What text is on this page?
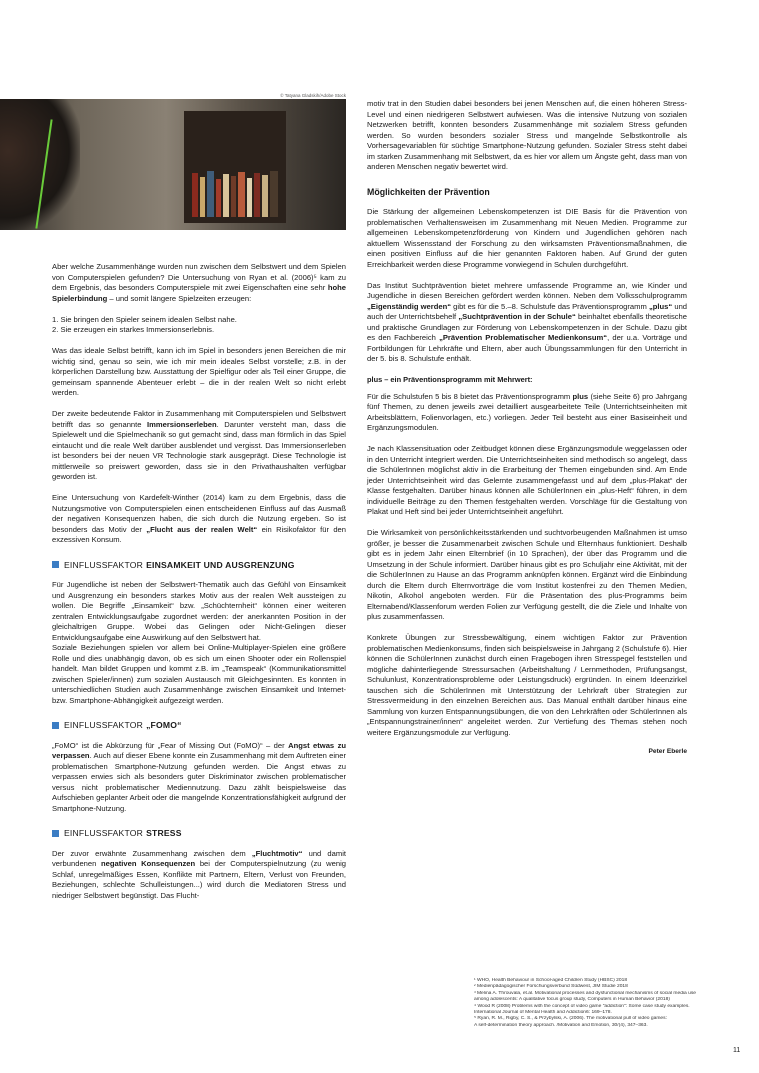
© Tatyana Gladskih/Adobe Stock

Aber welche Zusammenhänge wurden nun zwischen dem Selbstwert und dem Spielen von Computerspielen gefunden? Die Untersuchung von Ryan et al. (2006)⁵ kam zu dem Ergebnis, das besonders Computerspiele mit zwei Eigenschaften eine sehr hohe Spielerbindung – und somit längere Spielzeiten erzeugen:

1. Sie bringen den Spieler seinem idealen Selbst nahe.

2. Sie erzeugen ein starkes Immersionserlebnis.

Was das ideale Selbst betrifft, kann ich im Spiel in besonders jenen Bereichen die mir wichtig sind, genau so sein, wie ich mir mein ideales Selbst vorstelle; z.B. in der körperlichen Darstellung bzw. Ausstattung der Spielfigur oder als Teil einer Gruppe, die gemeinsam spannende Abenteuer erlebt – die in der realen Welt so nicht erlebt werden.

Der zweite bedeutende Faktor in Zusammenhang mit Computerspielen und Selbstwert betrifft das so genannte Immersionserleben. Darunter versteht man, dass die Spielewelt und die Spielmechanik so gut gemacht sind, dass man förmlich in das Spiel eintaucht und die reale Welt darüber ausblendet und vergisst. Das Immersionserleben ist besonders bei der neuen VR Technologie stark ausgeprägt. Diese Technologie ist mittlerweile so preiswert geworden, dass sie in den Privathaushalten verfügbar geworden ist.

Eine Untersuchung von Kardefelt-Winther (2014) kam zu dem Ergebnis, dass die Nutzungsmotive von Computerspielen einen entscheidenen Einfluss auf das Ausmaß der negativen Konsequenzen haben, die sich durch die Nutzung ergeben. So ist besonders das Motiv der „Flucht aus der realen Welt“ ein Risikofaktor für den exzessiven Konsum.

EINFLUSSFAKTOR EINSAMKEIT UND AUSGRENZUNG

Für Jugendliche ist neben der Selbstwert-Thematik auch das Gefühl von Einsamkeit und Ausgrenzung ein besonders starkes Motiv aus der realen Welt aussteigen zu wollen. Die Begriffe „Einsamkeit“ bzw. „Schüchternheit“ können einer weiteren zentralen Entwicklungsaufgabe zugordnet werden: der anerkannten Position in der gleichaltrigen Gruppe. Wobei das Gelingen oder Nicht-Gelingen dieser Entwicklungsaufgabe eine Auswirkung auf den Selbstwert hat.

Soziale Beziehungen spielen vor allem bei Online-Multiplayer-Spielen eine größere Rolle und dies unabhängig davon, ob es sich um einen Shooter oder ein Rollenspiel handelt. Man bildet Gruppen und kommt z.B. im „Teamspeak“ (Kommunikationsmittel zwischen Spieler/innen) zum sozialen Austausch mit Gleichgesinnten. Es konnten in unterschiedlichen Studien auch Zusammenhänge zwischen Einsamkeit und Internet- bzw. Smartphone-Abhängigkeit aufgezeigt werden.

EINFLUSSFAKTOR „FOMO“

„FoMO“ ist die Abkürzung für „Fear of Missing Out (FoMO)“ – der Angst etwas zu verpassen. Auch auf dieser Ebene konnte ein Zusammenhang mit dem Auftreten einer problematischen Smartphone-Nutzung gefunden werden. Die Angst etwas zu verpassen erwies sich als besonders guter Diskriminator zwischen problematischer versus nicht problematischer Mediennutzung. Dazu zählt beispielsweise das Aufschieben geplanter Arbeit oder die mangelnde Konzentrationsfähigkeit aufgrund der Smartphone-Nutzung.

EINFLUSSFAKTOR STRESS

Der zuvor erwähnte Zusammenhang zwischen dem „Fluchtmotiv“ und damit verbundenen negativen Konsequenzen bei der Computerspielnutzung (zu wenig Schlaf, unregelmäßiges Essen, Konflikte mit Partnern, Eltern, Verlust von Freunden, Beziehungen, schlechte Schulleistungen...) wird durch die Mediatoren Stress und niedriger Selbstwert begünstigt. Das Flucht-

motiv trat in den Studien dabei besonders bei jenen Menschen auf, die einen höheren Stress-Level und einen niedrigeren Selbstwert aufwiesen. Was die intensive Nutzung von sozialen Netzwerken betrifft, konnten besonders Zusammenhänge mit sozialem Stress gefunden werden. So wurden besonders sozialer Stress und mangelnde Selbstkontrolle als Vorhersagevariablen für süchtige Smartphone-Nutzung gefunden. Sozialer Stress steht dabei im starken Zusammenhang mit Selbstwert, da es hier vor allem um Ängste geht, dass man von anderen Menschen negativ bewertet wird.

Möglichkeiten der Prävention

Die Stärkung der allgemeinen Lebenskompetenzen ist DIE Basis für die Prävention von problematischen Verhaltensweisen im Zusammenhang mit Neuen Medien. Programme zur allgemeinen Lebenskompetenzförderung von Kindern und Jugendlichen gehören nach aktuellem Wissensstand der Forschung zu den wirksamsten Präventionsmaßnahmen, die einen positiven Einfluss auf die hier genannten Faktoren haben. Auf Grund der guten Erreichbarkeit werden diese Programme vorwiegend in Schulen durchgeführt.

Das Institut Suchtprävention bietet mehrere umfassende Programme an, wie Kinder und Jugendliche in diesen Bereichen gefördert werden können. Neben dem Volksschulprogramm „Eigenständig werden“ gibt es für die 5.–8. Schulstufe das Präventionsprogramm „plus“ und auch der Unterrichtsbehelf „Suchtprävention in der Schule“ beinhaltet ebenfalls theoretische und praktische Grundlagen zur Förderung von Lebenskompetenzen in der Schule. Dazu gibt es den Fachbereich „Prävention Problematischer Medienkonsum“, der u.a. Vorträge und Fortbildungen für Lehrkräfte und Eltern, aber auch Übungssammlungen für den Unterricht in der 5. bis 8. Schulstufe enthält.

plus – ein Präventionsprogramm mit Mehrwert:

Für die Schulstufen 5 bis 8 bietet das Präventionsprogramm plus (siehe Seite 6) pro Jahrgang fünf Themen, zu denen jeweils zwei detailliert ausgearbeitete Teile (Unterrichtseinheiten mit Arbeitsblättern, Folienvorlagen, etc.) vorliegen. Jeder Teil besteht aus einer Basiseinheit und Ergänzungsmodulen.

Je nach Klassensituation oder Zeitbudget können diese Ergänzungsmodule weggelassen oder in den Unterricht integriert werden. Die Unterrichtseinheiten sind methodisch so angelegt, dass die SchülerInnen möglichst aktiv in die Erarbeitung der Themen eingebunden sind. Am Ende jeder Unterrichtseinheit wird das Gelernte zusammengefasst und auf dem „plus-Plakat“ der Klasse festgehalten. Darüber hinaus können alle SchülerInnen ein „plus-Heft“ führen, in dem individuelle Beiträge zu den Themen festgehalten werden. Vorschläge für die Gestaltung von Plakat und Heft sind bei jeder Unterrichtseinheit angeführt.

Die Wirksamkeit von persönlichkeitsstärkenden und suchtvorbeugenden Maßnahmen ist umso größer, je besser die Zusammenarbeit zwischen Schule und Elternhaus funktioniert. Deshalb gibt es in jedem Jahr einen Elternbrief (in 10 Sprachen), der über das Programm und die Umsetzung in der Schule informiert. Darüber hinaus gibt es pro Schuljahr eine Aktivität, mit der die SchülerInnen zu Hause an das Programm anknüpfen können. Ergänzt wird die Einbindung durch die Eltern durch Elternvorträge die vom Institut kostenfrei zu den Themen Medien, Nikotin, Alkohol angeboten werden. Für die Präsentation des plus-Programms beim Elternabend/Klassenforum werden Folien zur Verfügung gestellt, die die Ziele und Inhalte von plus zusammenfassen.

Konkrete Übungen zur Stressbewältigung, einem wichtigen Faktor zur Prävention problematischen Medienkonsums, finden sich beispielsweise in Jahrgang 2 (Schulstufe 6). Hier können die SchülerInnen zunächst durch einen Fragebogen ihren Stresspegel feststellen und mögliche dahinterliegende Stressursachen (Arbeitshaltung / Lernmethoden, Prüfungsangst, Schulunlust, Konzentrationsprobleme oder Leistungsdruck) ergründen. In einem Ideenzirkel tauschen sich die SchülerInnen mit Unterstützung der Lehrkraft über Strategien zur Stressvermeidung in den einzelnen Bereichen aus. Das Manual enthält darüber hinaus eine Sammlung von kurzen Entspannungsübungen, die von den Lehrkräften oder SchülerInnen als „Entspannungstrainer/innen“ angeleitet werden. Zur Vertiefung des Themas stehen noch weitere Ergänzungsmodule zur Verfügung.

Peter Eberle
¹ WHO, Health Behaviour in School-aged Children Study (HBSC) 2018
² Medienpädagogischer Forschungsverbund Südwest, JIM Studie 2018
³ Melina A. Throuvala, et.al. Motivational processes and dysfunctional mechanisms of social media use
among adolescents: A qualitative focus group study, Computers in Human Behavior (2018)
⁴ Wood R (2008) Problems with the concept of video game "addiction": Some case study examples.
International Journal of Mental Health and Addiction6: 169–178.
⁵ Ryan, R. M., Rigby, C. S., & Przybylski, A. (2006). The motivational pull of video games:
A self-determination theory approach. /Motivation and Emotion, 30/(4), 347–363.
11
